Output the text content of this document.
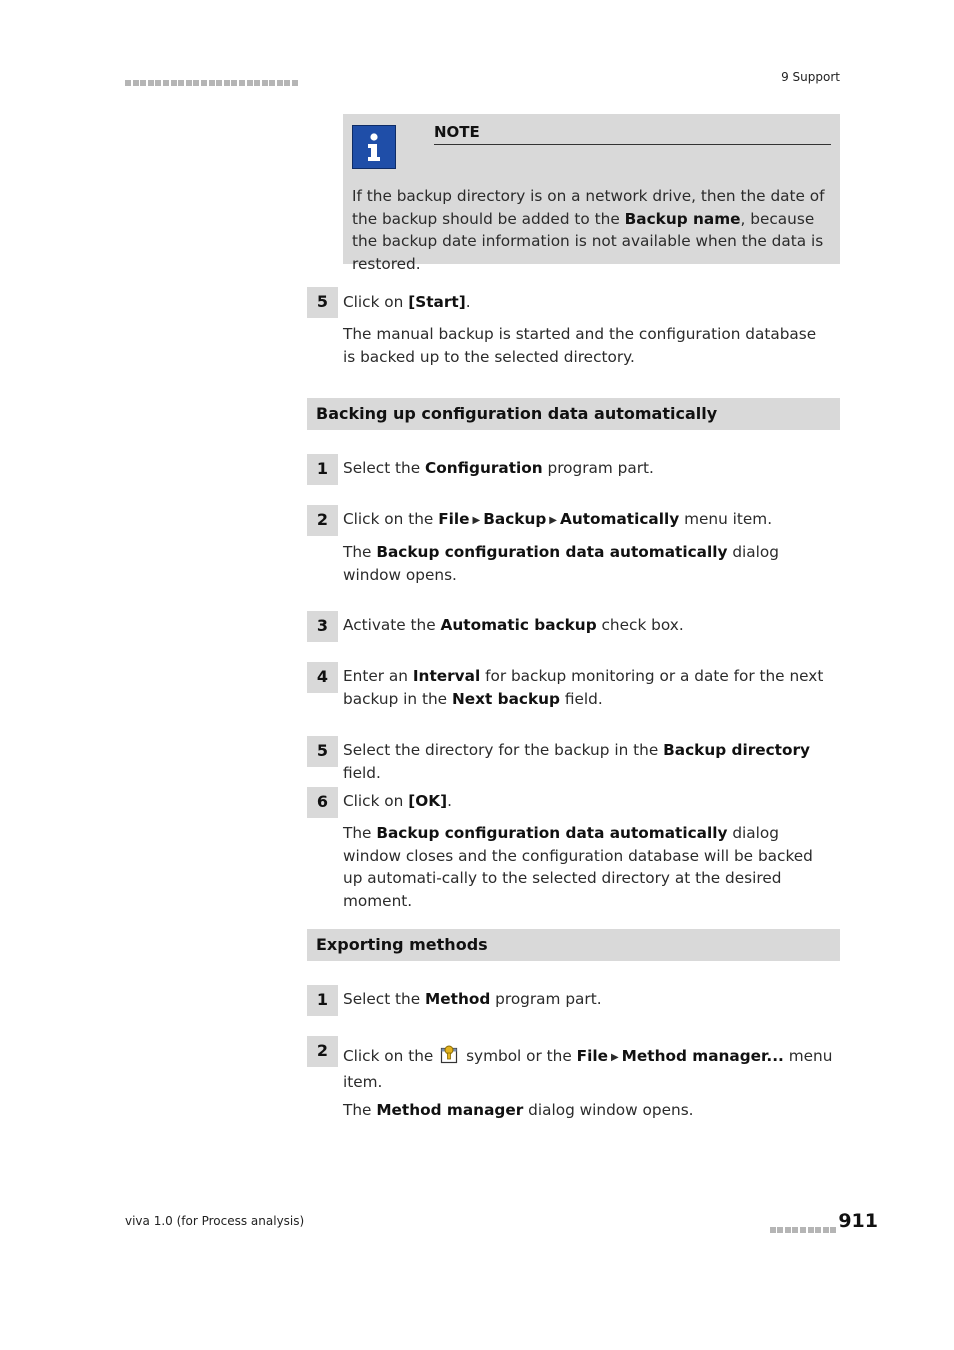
9 Support
NOTE
If the backup directory is on a network drive, then the date of the backup should be added to the Backup name, because the backup date information is not available when the data is restored.
5 Click on [Start].
The manual backup is started and the configuration database is backed up to the selected directory.
Backing up configuration data automatically
1 Select the Configuration program part.
2 Click on the File ▶ Backup ▶ Automatically menu item.
The Backup configuration data automatically dialog window opens.
3 Activate the Automatic backup check box.
4 Enter an Interval for backup monitoring or a date for the next backup in the Next backup field.
5 Select the directory for the backup in the Backup directory field.
6 Click on [OK].
The Backup configuration data automatically dialog window closes and the configuration database will be backed up automati-cally to the selected directory at the desired moment.
Exporting methods
1 Select the Method program part.
2 Click on the  symbol or the File ▶ Method manager... menu item.
The Method manager dialog window opens.
viva 1.0 (for Process analysis)	911
